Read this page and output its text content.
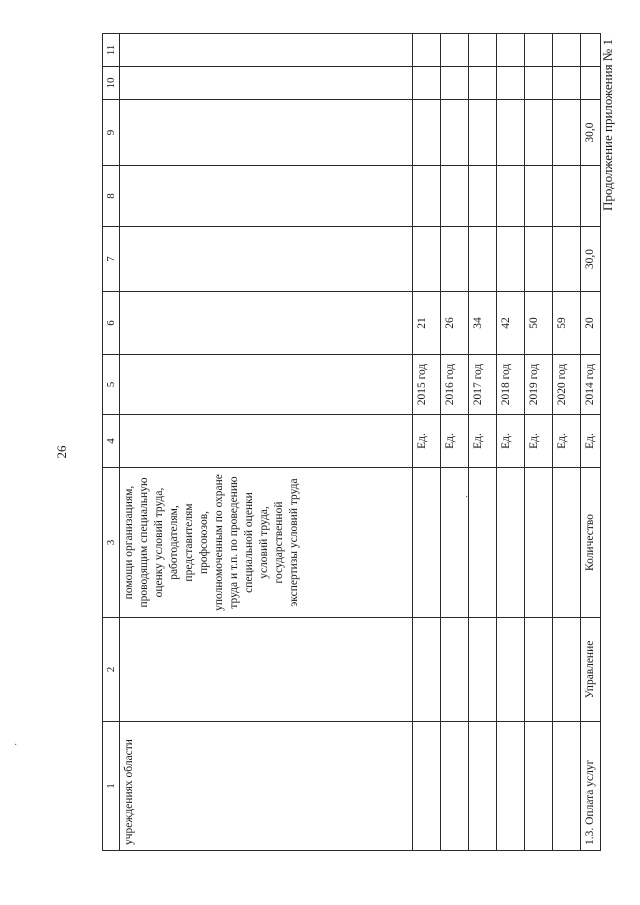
26
Продолжение приложения № 1
·
·
1	2	3	4	5	6	7	8	9	10	11
учреждениях области		помощи организациям, проводящим специальную оценку условий труда, работодателям, представителям профсоюзов, уполномоченным по охране труда и т.п. по проведению специальной оценки условий труда, государственной экспертизы условий труда								
			Ед.	2015 год	21					
			Ед.	2016 год	26					
			Ед.	2017 год	34					
			Ед.	2018 год	42					
			Ед.	2019 год	50					
			Ед.	2020 год	59					
1.3. Оплата услуг	Управление	Количество	Ед.	2014 год	20	30,0		30,0		
